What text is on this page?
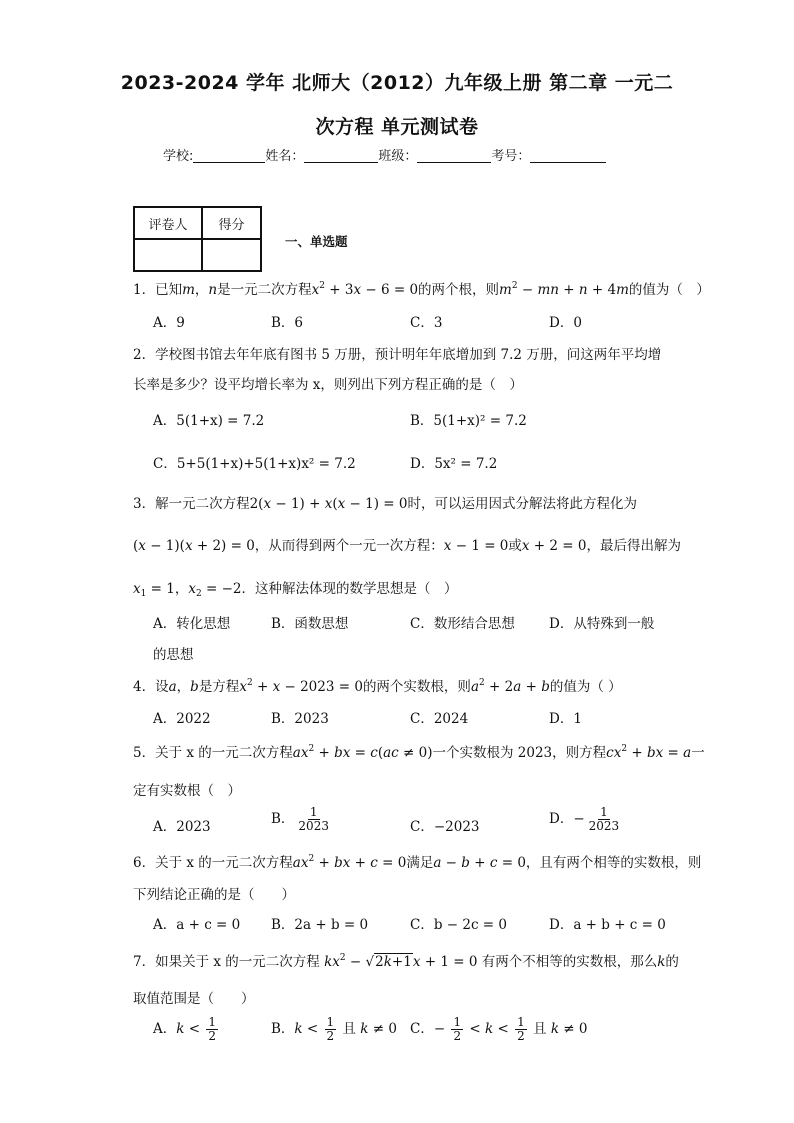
2023-2024 学年 北师大（2012）九年级上册 第二章 一元二
次方程 单元测试卷
学校:	姓名：	班级：	考号：
评卷人	得分

一、单选题
1．已知m，n是一元二次方程$x^2 + 3x - 6 = 0$的两个根，则$m^2$ − mn + n + 4m的值为（　）
A．9	B．6	C．3	D．0
2．学校图书馆去年年底有图书 5 万册，预计明年年底增加到 7.2 万册，问这两年平均增
长率是多少？设平均增长率为 x，则列出下列方程正确的是（　）
A．5(1+x) = 7.2	B．5(1+x)² = 7.2
C．5+5(1+x)+5(1+x)x² = 7.2	D．5x² = 7.2
3．解一元二次方程2(x − 1) + x(x − 1) = 0时，可以运用因式分解法将此方程化为
(x − 1)(x + 2) = 0，从而得到两个一元一次方程：x − 1 = 0或x + 2 = 0，最后得出解为
$x_1 = 1$，$x_2 = -2$．这种解法体现的数学思想是（　）
A．转化思想	B．函数思想	C．数形结合思想	D．从特殊到一般
的思想
4．设a，b是方程$x^2 + x - 2023 = 0$的两个实数根，则$a^2 + 2a + b$的值为（ ）
A．2022	B．2023	C．2024	D．1
5．关于 x 的一元二次方程$ax^2$ + bx = c(ac ≠ 0)一个实数根为 2023，则方程$cx^2$ + bx = a一
定有实数根（　）
A．2023	B． $\frac{1}{2023}$	C．−2023	D．− $\frac{1}{2023}$
6．关于 x 的一元二次方程$ax^2$ + bx + c = 0满足a − b + c = 0，且有两个相等的实数根，则
下列结论正确的是（　　）
A．a + c = 0 B．2a + b = 0	C．b − 2c = 0	D．a + b + c = 0
7．如果关于 x 的一元二次方程 $kx^2 - √2k+1x + 1 = 0$ 有两个不相等的实数根，那么k的
取值范围是（　　）
A．$k < \frac{1}{2}$	B．$k < \frac{1}{2}$ 且 k ≠ 0 C．− $\frac{1}{2} < k < \frac{1}{2}$ 且 k ≠ 0
